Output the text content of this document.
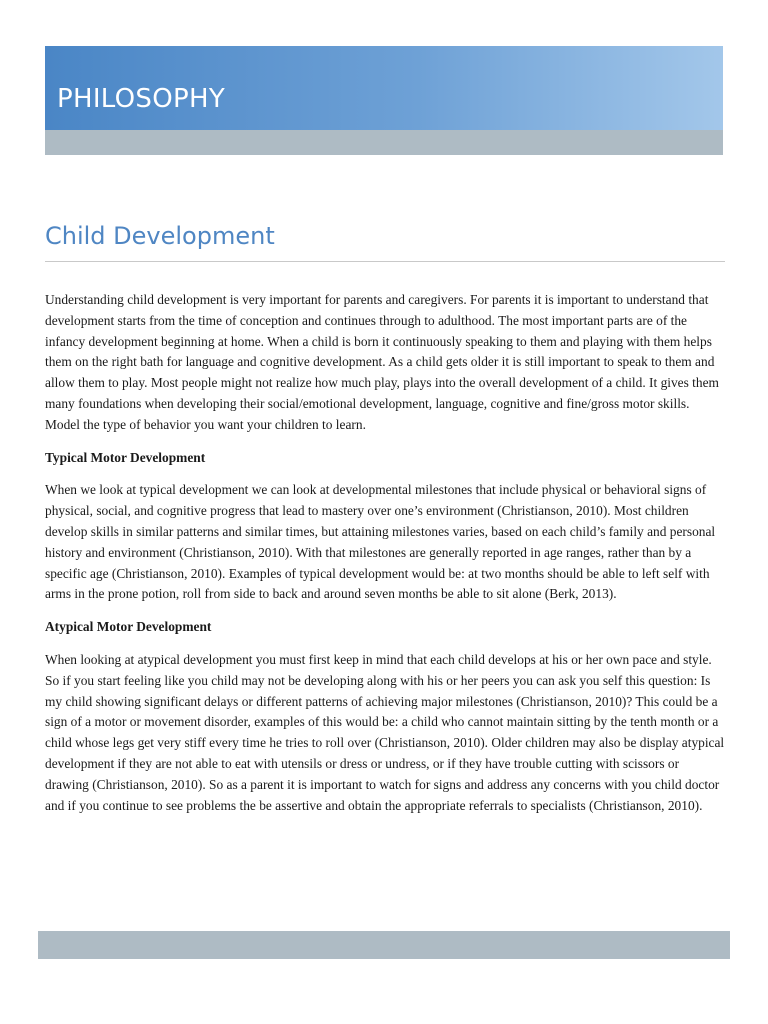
PHILOSOPHY
Child Development

Understanding child development is very important for parents and caregivers. For parents it is important to understand that development starts from the time of conception and continues through to adulthood. The most important parts are of the infancy development beginning at home. When a child is born it continuously speaking to them and playing with them helps them on the right bath for language and cognitive development. As a child gets older it is still important to speak to them and allow them to play. Most people might not realize how much play, plays into the overall development of a child. It gives them many foundations when developing their social/emotional development, language, cognitive and fine/gross motor skills. Model the type of behavior you want your children to learn.

Typical Motor Development

When we look at typical development we can look at developmental milestones that include physical or behavioral signs of physical, social, and cognitive progress that lead to mastery over one’s environment (Christianson, 2010). Most children develop skills in similar patterns and similar times, but attaining milestones varies, based on each child’s family and personal history and environment (Christianson, 2010). With that milestones are generally reported in age ranges, rather than by a specific age (Christianson, 2010). Examples of typical development would be: at two months should be able to left self with arms in the prone potion, roll from side to back and around seven months be able to sit alone (Berk, 2013).

Atypical Motor Development

When looking at atypical development you must first keep in mind that each child develops at his or her own pace and style. So if you start feeling like you child may not be developing along with his or her peers you can ask you self this question: Is my child showing significant delays or different patterns of achieving major milestones (Christianson, 2010)? This could be a sign of a motor or movement disorder, examples of this would be: a child who cannot maintain sitting by the tenth month or a child whose legs get very stiff every time he tries to roll over (Christianson, 2010). Older children may also be display atypical development if they are not able to eat with utensils or dress or undress, or if they have trouble cutting with scissors or drawing (Christianson, 2010). So as a parent it is important to watch for signs and address any concerns with you child doctor and if you continue to see problems the be assertive and obtain the appropriate referrals to specialists (Christianson, 2010).
